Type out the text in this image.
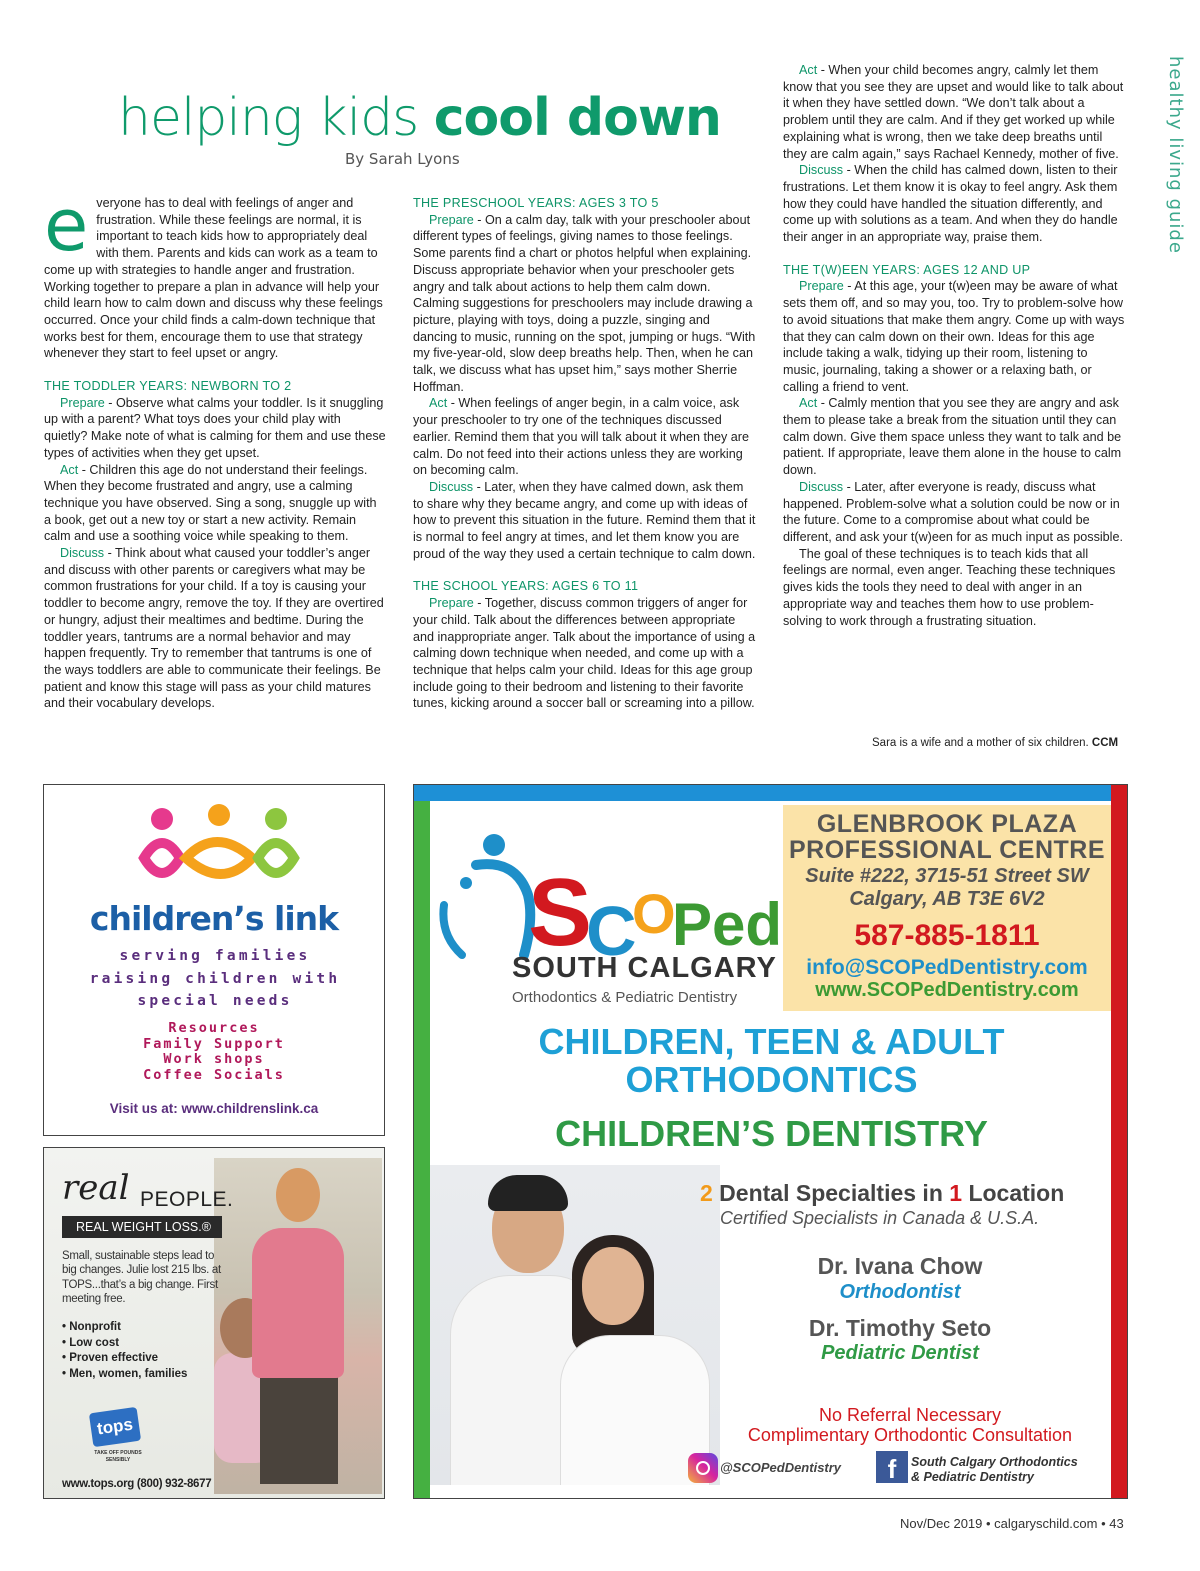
healthy living guide
helping kids cool down
By Sarah Lyons

everyone has to deal with feelings of anger and frustration. While these feelings are normal, it is important to teach kids how to appropriately deal with them. Parents and kids can work as a team to come up with strategies to handle anger and frustration. Working together to prepare a plan in advance will help your child learn how to calm down and discuss why these feelings occurred. Once your child finds a calm-down technique that works best for them, encourage them to use that strategy whenever they start to feel upset or angry.

THE TODDLER YEARS: NEWBORN TO 2

Prepare - Observe what calms your toddler. Is it snuggling up with a parent? What toys does your child play with quietly? Make note of what is calming for them and use these types of activities when they get upset.

Act - Children this age do not understand their feelings. When they become frustrated and angry, use a calming technique you have observed. Sing a song, snuggle up with a book, get out a new toy or start a new activity. Remain calm and use a soothing voice while speaking to them.

Discuss - Think about what caused your toddler’s anger and discuss with other parents or caregivers what may be common frustrations for your child. If a toy is causing your toddler to become angry, remove the toy. If they are overtired or hungry, adjust their mealtimes and bedtime. During the toddler years, tantrums are a normal behavior and may happen frequently. Try to remember that tantrums is one of the ways toddlers are able to communicate their feelings. Be patient and know this stage will pass as your child matures and their vocabulary develops.

THE PRESCHOOL YEARS: AGES 3 TO 5

Prepare - On a calm day, talk with your preschooler about different types of feelings, giving names to those feelings. Some parents find a chart or photos helpful when explaining. Discuss appropriate behavior when your preschooler gets angry and talk about actions to help them calm down. Calming suggestions for preschoolers may include drawing a picture, playing with toys, doing a puzzle, singing and dancing to music, running on the spot, jumping or hugs. “With my five-year-old, slow deep breaths help. Then, when he can talk, we discuss what has upset him,” says mother Sherrie Hoffman.

Act - When feelings of anger begin, in a calm voice, ask your preschooler to try one of the techniques discussed earlier. Remind them that you will talk about it when they are calm. Do not feed into their actions unless they are working on becoming calm.

Discuss - Later, when they have calmed down, ask them to share why they became angry, and come up with ideas of how to prevent this situation in the future. Remind them that it is normal to feel angry at times, and let them know you are proud of the way they used a certain technique to calm down.

THE SCHOOL YEARS: AGES 6 TO 11

Prepare - Together, discuss common triggers of anger for your child. Talk about the differences between appropriate and inappropriate anger. Talk about the importance of using a calming down technique when needed, and come up with a technique that helps calm your child. Ideas for this age group include going to their bedroom and listening to their favorite tunes, kicking around a soccer ball or screaming into a pillow.

Act - When your child becomes angry, calmly let them know that you see they are upset and would like to talk about it when they have settled down. “We don’t talk about a problem until they are calm. And if they get worked up while explaining what is wrong, then we take deep breaths until they are calm again,” says Rachael Kennedy, mother of five.

Discuss - When the child has calmed down, listen to their frustrations. Let them know it is okay to feel angry. Ask them how they could have handled the situation differently, and come up with solutions as a team. And when they do handle their anger in an appropriate way, praise them.

THE T(W)EEN YEARS: AGES 12 AND UP

Prepare - At this age, your t(w)een may be aware of what sets them off, and so may you, too. Try to problem-solve how to avoid situations that make them angry. Come up with ways that they can calm down on their own. Ideas for this age include taking a walk, tidying up their room, listening to music, journaling, taking a shower or a relaxing bath, or calling a friend to vent.

Act - Calmly mention that you see they are angry and ask them to please take a break from the situation until they can calm down. Give them space unless they want to talk and be patient. If appropriate, leave them alone in the house to calm down.

Discuss - Later, after everyone is ready, discuss what happened. Problem-solve what a solution could be now or in the future. Come to a compromise about what could be different, and ask your t(w)een for as much input as possible.

The goal of these techniques is to teach kids that all feelings are normal, even anger. Teaching these techniques gives kids the tools they need to deal with anger in an appropriate way and teaches them how to use problem-solving to work through a frustrating situation.

Sara is a wife and a mother of six children. CCM
children’s link
serving families raising children with special needs
Resources
Family Support
Work shops
Coffee Socials
Visit us at: www.childrenslink.ca
real PEOPLE.
REAL WEIGHT LOSS.®
Small, sustainable steps lead to big changes. Julie lost 215 lbs. at TOPS...that’s a big change. First meeting free.
• Nonprofit
• Low cost
• Proven effective
• Men, women, families
tops
TAKE OFF POUNDS SENSIBLY
www.tops.org (800) 932-8677
S
C
O
Ped
SOUTH CALGARY
Orthodontics & Pediatric Dentistry
GLENBROOK PLAZA
PROFESSIONAL CENTRE
Suite #222, 3715-51 Street SW
Calgary, AB T3E 6V2
587-885-1811
info@SCOPedDentistry.com
www.SCOPedDentistry.com
CHILDREN, TEEN & ADULT
ORTHODONTICS
CHILDREN’S DENTISTRY
2 Dental Specialties in 1 Location
Certified Specialists in Canada & U.S.A.
Dr. Ivana Chow
Orthodontist
Dr. Timothy Seto
Pediatric Dentist
No Referral Necessary
Complimentary Orthodontic Consultation
@SCOPedDentistry	f	South Calgary Orthodontics
& Pediatric Dentistry
Nov/Dec 2019 • calgaryschild.com • 43
